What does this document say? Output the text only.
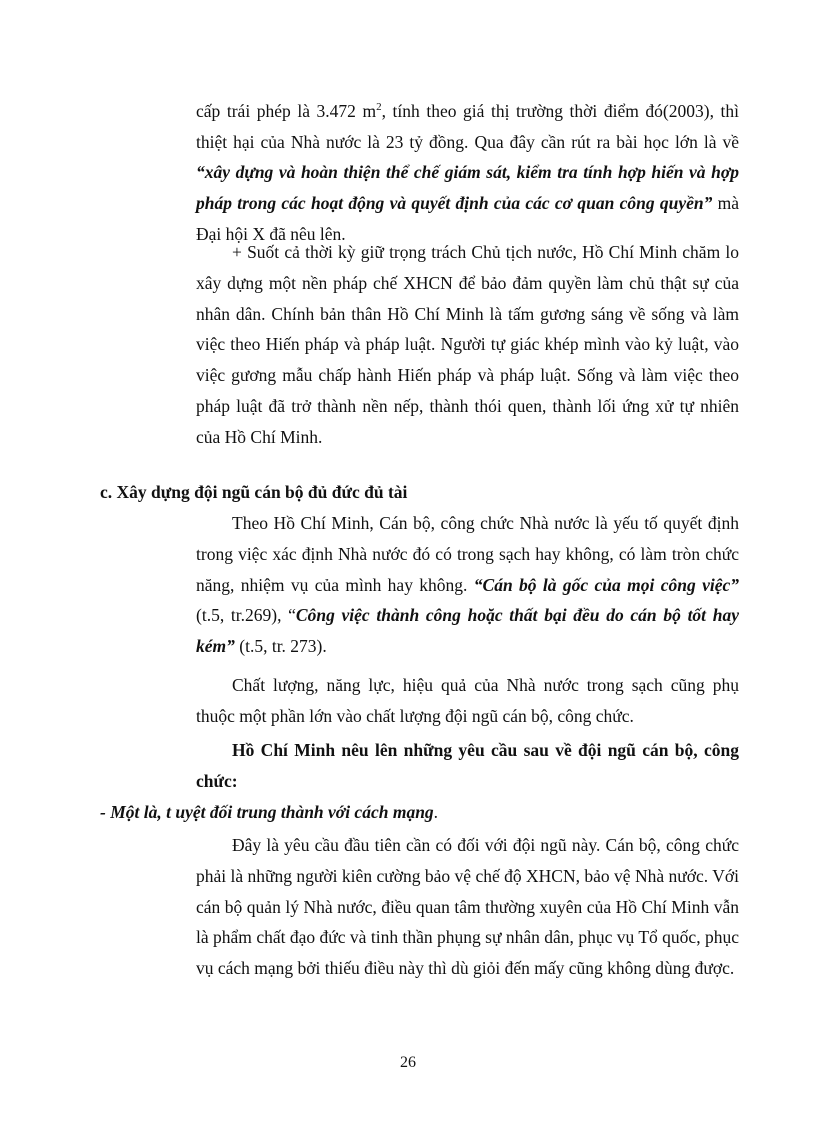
cấp trái phép là 3.472 $m^2$, tính theo giá thị trường thời điểm đó(2003), thì thiệt hại của Nhà nước là 23 tỷ đồng. Qua đây cần rút ra bài học lớn là về “xây dựng và hoàn thiện thể chế giám sát, kiểm tra tính hợp hiến và hợp pháp trong các hoạt động và quyết định của các cơ quan công quyền” mà Đại hội X đã nêu lên.

+ Suốt cả thời kỳ giữ trọng trách Chủ tịch nước, Hồ Chí Minh chăm lo xây dựng một nền pháp chế XHCN để bảo đảm quyền làm chủ thật sự của nhân dân. Chính bản thân Hồ Chí Minh là tấm gương sáng về sống và làm việc theo Hiến pháp và pháp luật. Người tự giác khép mình vào kỷ luật, vào việc gương mẫu chấp hành Hiến pháp và pháp luật. Sống và làm việc theo pháp luật đã trở thành nền nếp, thành thói quen, thành lối ứng xử tự nhiên của Hồ Chí Minh.

c. Xây dựng đội ngũ cán bộ đủ đức đủ tài

Theo Hồ Chí Minh, Cán bộ, công chức Nhà nước là yếu tố quyết định trong việc xác định Nhà nước đó có trong sạch hay không, có làm tròn chức năng, nhiệm vụ của mình hay không. “Cán bộ là gốc của mọi công việc” (t.5, tr.269), “Công việc thành công hoặc thất bại đều do cán bộ tốt hay kém” (t.5, tr. 273).

Chất lượng, năng lực, hiệu quả của Nhà nước trong sạch cũng phụ thuộc một phần lớn vào chất lượng đội ngũ cán bộ, công chức.

Hồ Chí Minh nêu lên những yêu cầu sau về đội ngũ cán bộ, công chức:

- Một là, t uyệt đối trung thành với cách mạng.

Đây là yêu cầu đầu tiên cần có đối với đội ngũ này. Cán bộ, công chức phải là những người kiên cường bảo vệ chế độ XHCN, bảo vệ Nhà nước. Với cán bộ quản lý Nhà nước, điều quan tâm thường xuyên của Hồ Chí Minh vẫn là phẩm chất đạo đức và tinh thần phụng sự nhân dân, phục vụ Tổ quốc, phục vụ cách mạng bởi thiếu điều này thì dù giỏi đến mấy cũng không dùng được.

26
